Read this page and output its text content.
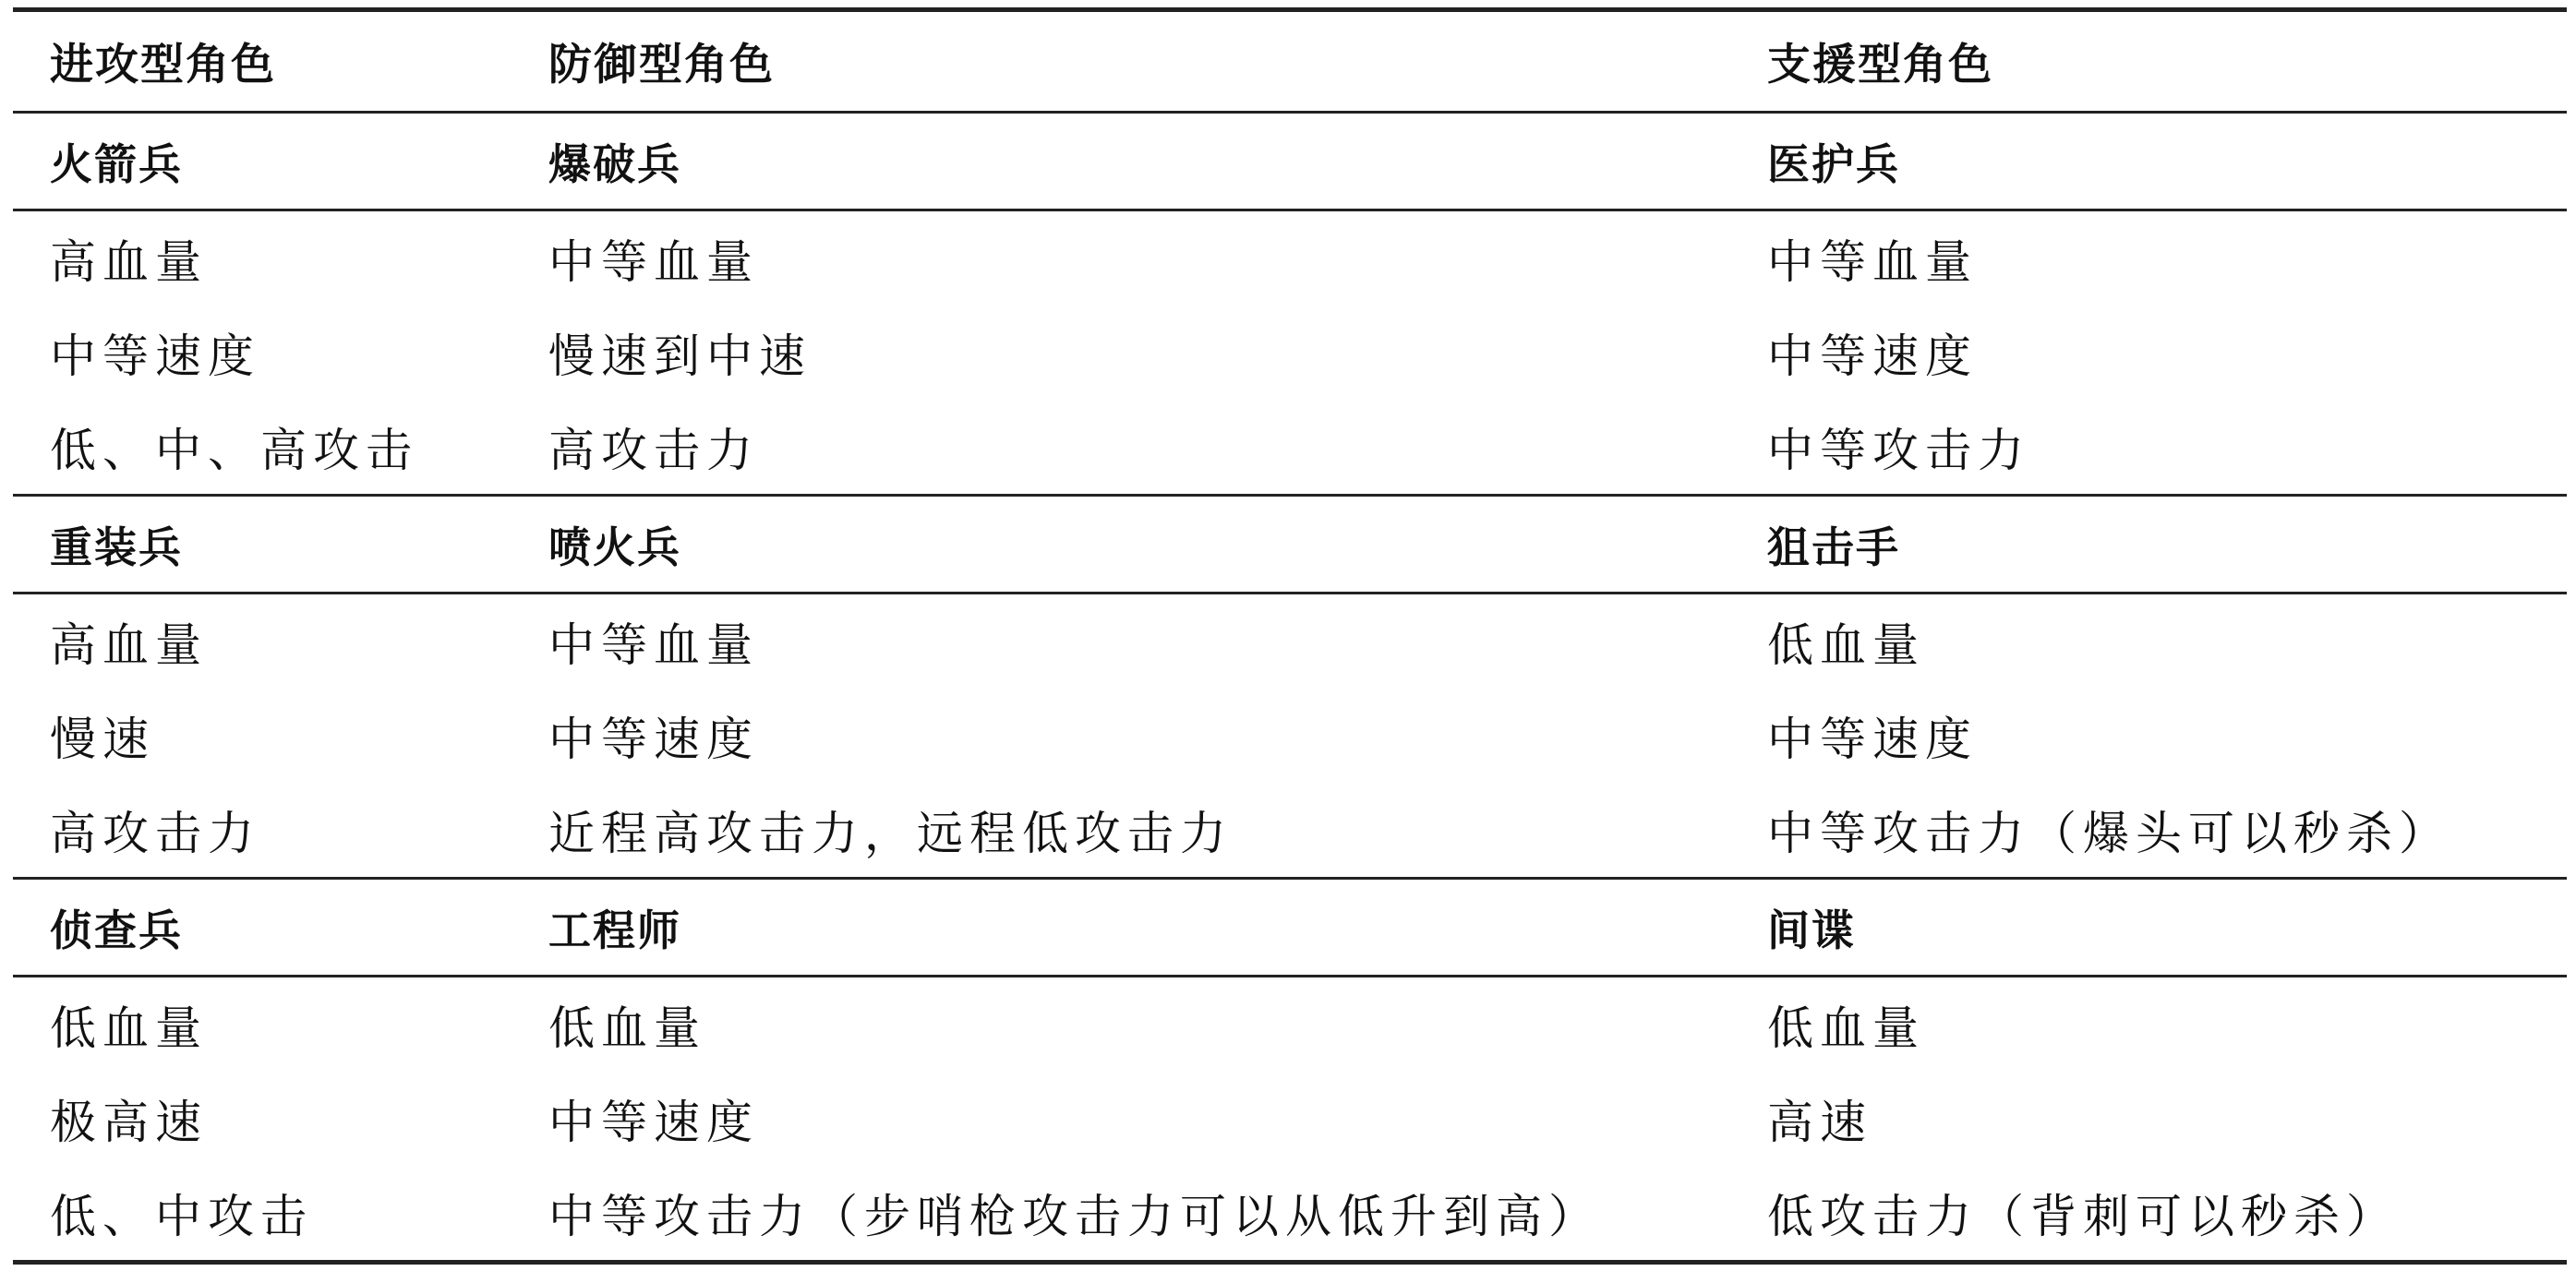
进攻型角色	防御型角色	支援型角色
火箭兵	爆破兵	医护兵
高血量	中等血量	中等血量
中等速度	慢速到中速	中等速度
低、中、高攻击	高攻击力	中等攻击力
重装兵	喷火兵	狙击手
高血量	中等血量	低血量
慢速	中等速度	中等速度
高攻击力	近程高攻击力，远程低攻击力	中等攻击力（爆头可以秒杀）
侦查兵	工程师	间谍
低血量	低血量	低血量
极高速	中等速度	高速
低、中攻击	中等攻击力（步哨枪攻击力可以从低升到高）	低攻击力（背刺可以秒杀）
